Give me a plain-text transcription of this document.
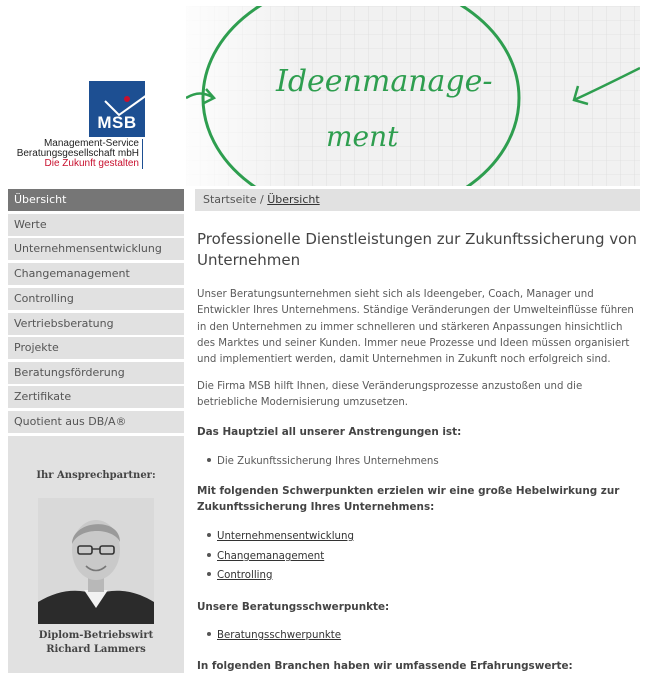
MSB
Management-Service
Beratungsgesellschaft mbH
Die Zukunft gestalten
Ideenmanage-
ment
Übersicht
Werte
Unternehmensentwicklung
Changemanagement
Controlling
Vertriebsberatung
Projekte
Beratungsförderung
Zertifikate
Quotient aus DB/A®
Ihr Ansprechpartner:
Diplom-Betriebswirt
Richard Lammers
Startseite / Übersicht
Professionelle Dienstleistungen zur Zukunftssicherung von Unternehmen
Unser Beratungsunternehmen sieht sich als Ideengeber, Coach, Manager und Entwickler Ihres Unternehmens. Ständige Veränderungen der Umwelteinflüsse führen in den Unternehmen zu immer schnelleren und stärkeren Anpassungen hinsichtlich des Marktes und seiner Kunden. Immer neue Prozesse und Ideen müssen organisiert und implementiert werden, damit Unternehmen in Zukunft noch erfolgreich sind.
Die Firma MSB hilft Ihnen, diese Veränderungsprozesse anzustoßen und die betriebliche Modernisierung umzusetzen.
Das Hauptziel all unserer Anstrengungen ist:
Die Zukunftssicherung Ihres Unternehmens
Mit folgenden Schwerpunkten erzielen wir eine große Hebelwirkung zur Zukunftssicherung Ihres Unternehmens:
Unternehmensentwicklung
Changemanagement
Controlling
Unsere Beratungsschwerpunkte:
Beratungsschwerpunkte
In folgenden Branchen haben wir umfassende Erfahrungswerte:
